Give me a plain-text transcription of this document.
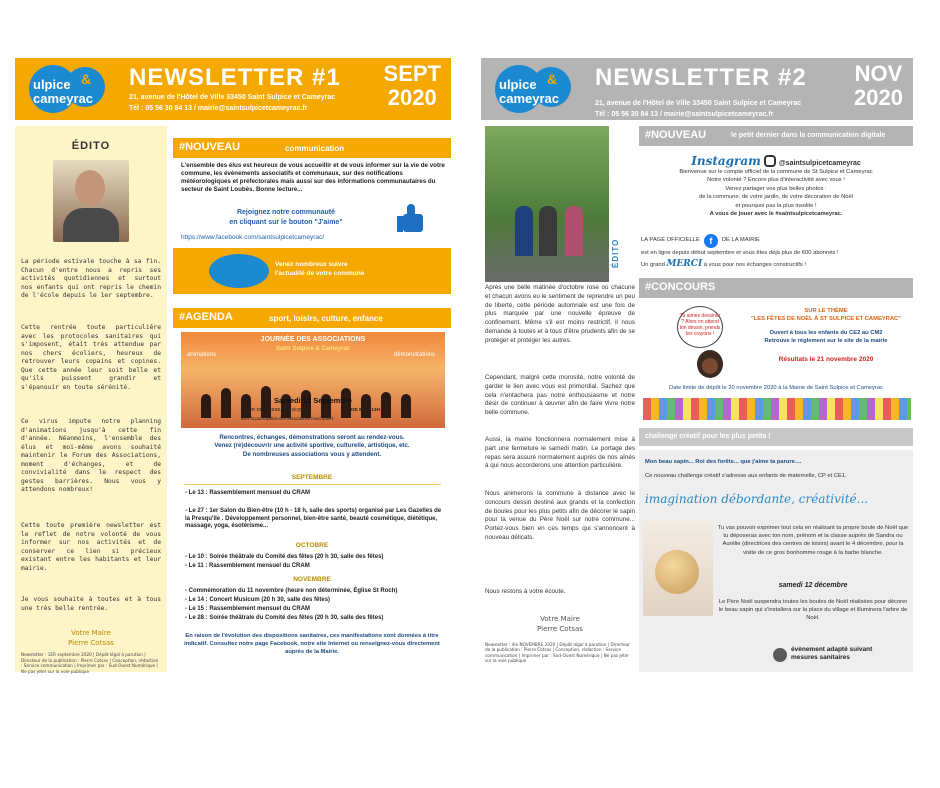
ulpice &
cameyrac
NEWSLETTER #1
21, avenue de l'Hôtel de Ville 33450 Saint Sulpice et Cameyrac
Tél : 05 56 30 84 13 / mairie@saintsulpicetcameyrac.fr
SEPT
2020
ÉDITO
La période estivale touche à sa fin. Chacun d'entre nous a repris ses activités quotidiennes et surtout nos enfants qui ont repris le chemin de l'école depuis le 1er septembre.
Cette rentrée toute particulière avec les protocoles sanitaires qui s'imposent, était très attendue par nos chers écoliers, heureux de retrouver leurs copains et copines. Que cette année leur soit belle et qu'ils puissent grandir et s'épanouir en toute sérénité.
Ce virus impute notre planning d'animations jusqu'à cette fin d'année. Néanmoins, l'ensemble des élus et moi-même avons souhaité maintenir le Forum des Associations, moment d'échanges, et de convivialité dans le respect des gestes barrières. Nous vous y attendons nombreux!
Cette toute première newsletter est le reflet de notre volonté de vous informer sur nos activités et de conserver ce lien si précieux existant entre les habitants et leur mairie.
Je vous souhaite à toutes et à tous une très belle rentrée.
Votre Maire
Pierre Cotsas
Newsletter : 1ER septembre 2020 | Dépôt légal à parution | Directeur de la publication : Pierre Cotsas | Conception, rédaction : Service communication | Imprimer par : Sud-Ouest Numérique | Ne pas jeter sur la voie publique
#NOUVEAU	communication
L'ensemble des élus est heureux de vous accueillir et de vous informer sur la vie de votre commune, les évènements associatifs et communaux, sur des notifications météorologiques et préfectorales mais aussi sur des informations communautaires du secteur de Saint Loubès. Bonne lecture...
Rejoignez notre communauté
en cliquant sur le bouton "J'aime"
https://www.facebook.com/saintsulpicetcameyrac/
Venez nombreux suivre
l'actualité de votre commune
#AGENDA	sport, loisirs, culture, enfance
JOURNÉE DES ASSOCIATIONS
Saint Sulpice & Cameyrac
animations	démonstrations
Samedi 12 Septembre
COUR DE LA BIBLIOTHÈQUE	DE 9H À 13H
avec la participation des associations municipales
Rencontres, échanges, démonstrations seront au rendez-vous.
Venez (re)découvrir une activité sportive, culturelle, artistique, etc.
De nombreuses associations vous y attendent.
SEPTEMBRE
- Le 13 : Rassemblement mensuel du CRAM
- Le 27 : 1er Salon du Bien-être (10 h - 18 h, salle des sports) organisé par Les Gazelles de la Presqu'île . Développement personnel, bien-être santé, beauté cosmétique, diététique, massage, yoga, ésotérisme...
OCTOBRE
- Le 10 : Soirée théâtrale du Comité des fêtes (20 h 30, salle des fêtes)
- Le 11 : Rassemblement mensuel du CRAM
NOVEMBRE
- Commémoration du 11 novembre (heure non déterminée, Église St Roch)
- Le 14 : Concert Musicum (20 h 30, salle des fêtes)
- Le 15 : Rassemblement mensuel du CRAM
- Le 28 : Soirée théâtrale du Comité des fêtes (20 h 30, salle des fêtes)
En raison de l'évolution des dispositions sanitaires, ces manifestations sont données à titre indicatif. Consultez notre page Facebook, notre site Internet ou renseignez-vous directement auprès de la Mairie.
ulpice &
cameyrac
NEWSLETTER #2
21, avenue de l'Hôtel de Ville 33450 Saint Sulpice et Cameyrac
Tél : 05 56 30 84 13 / mairie@saintsulpicetcameyrac.fr
NOV
2020
ÉDITO
Après une belle matinée d'octobre rose où chacune et chacun avons eu le sentiment de reprendre un peu de liberté, cette période automnale est une fois de plus marquée par une nouvelle épreuve de confinement. Même s'il est moins restrictif, il nous demande à toutes et à tous d'être prudents afin de se protéger et protéger les autres.
Cependant, malgré cette morosité, notre volonté de garder le lien avec vous est primordial. Sachez que cela n'entachera pas notre enthousiasme et notre désir de continuer à œuvrer afin de faire vivre notre belle commune.
Aussi, la mairie fonctionnera normalement mise à part une fermeture le samedi matin. Le portage des repas sera assuré normalement auprès de nos aînés à qui nous accorderons une attention particulière.
Nous animerons la commune à distance avec le concours dessin destiné aux grands et la confection de boules pour les plus petits afin de décorer le sapin pour la venue du Père Noël sur notre commune... Portez-vous bien en ces temps qui s'annoncent à nouveau délicats.
Nous restons à votre écoute.
Votre Maire
Pierre Cotsas
Newsletter : 4ie NOVEMBRE 2020 | Dépôt légal à parution | Directeur de la publication : Pierre Cotsas | Conception, rédaction : Service communication | Imprimer par : Sud-Ouest Numérique | Ne pas jeter sur la voie publique
#NOUVEAU	le petit dernier dans la communication digitale
Instagram	@saintsulpicetcameyrac
Bienvenue sur le compte officiel de la commune de St Sulpice et Cameyrac
Notre volonté ? Encore plus d'interactivité avec vous !
Venez partager vos plus belles photos :
de la commune, de votre jardin, de votre décoration de Noël
et pourquoi pas la plus insolite !
A vous de jouer avec le #saintsulpicetcameyrac.
LA PAGE OFFICIELLE f DE LA MAIRIE
est en ligne depuis début septembre et vous êtes déjà plus de 600 abonnés !
Un grand MERCI à vous pour nos échanges constructifs !
#CONCOURS
Tu aimes dessiner ? Alors on attend ton dessin, prends tes crayons !
SUR LE THÈME
"LES FÊTES DE NOËL À ST SULPICE ET CAMEYRAC"
Ouvert à tous les enfants du CE2 au CM2
Retrouve le règlement sur le site de la mairie
Résultats le 21 novembre 2020
Date limite de dépôt le 20 novembre 2020 à la Mairie de Saint Sulpice et Cameyrac
challenge créatif pour les plus petits !
Mon beau sapin... Roi des forêts... que j'aime ta parure....
Ce nouveau challenge créatif s'adresse aux enfants de maternelle, CP et CE1.
imagination débordante, créativité...
Tu vas pouvoir exprimer tout cela en réalisant ta propre boule de Noël que tu déposeras avec ton nom, prénom et la classe auprès de Sandra ou Aurélie (directrices des centres de loisirs) avant le 4 décembre, pour la visite de ce gros bonhomme rouge à la barbe blanche.
samedi 12 décembre
Le Père Noël suspendra toutes les boules de Noël réalisées pour décorer le beau sapin qui s'installera sur la place du village et illuminera l'arbre de Noël.
évènement adapté suivant
mesures sanitaires
